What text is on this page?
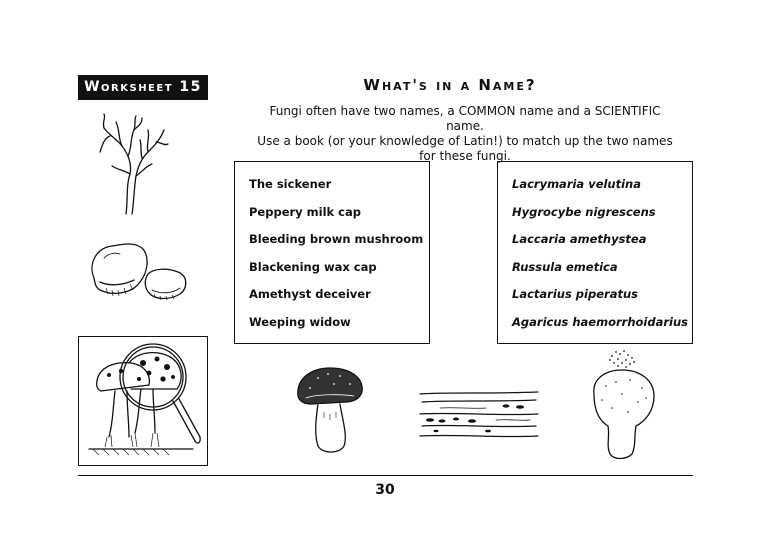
Worksheet 15	What's in a Name?
Fungi often have two names, a COMMON name and a SCIENTIFIC name.
Use a book (or your knowledge of Latin!) to match up the two names
for these fungi.
The sickener
Peppery milk cap
Bleeding brown mushroom
Blackening wax cap
Amethyst deceiver
Weeping widow
Lacrymaria velutina
Hygrocybe nigrescens
Laccaria amethystea
Russula emetica
Lactarius piperatus
Agaricus haemorrhoidarius
30
